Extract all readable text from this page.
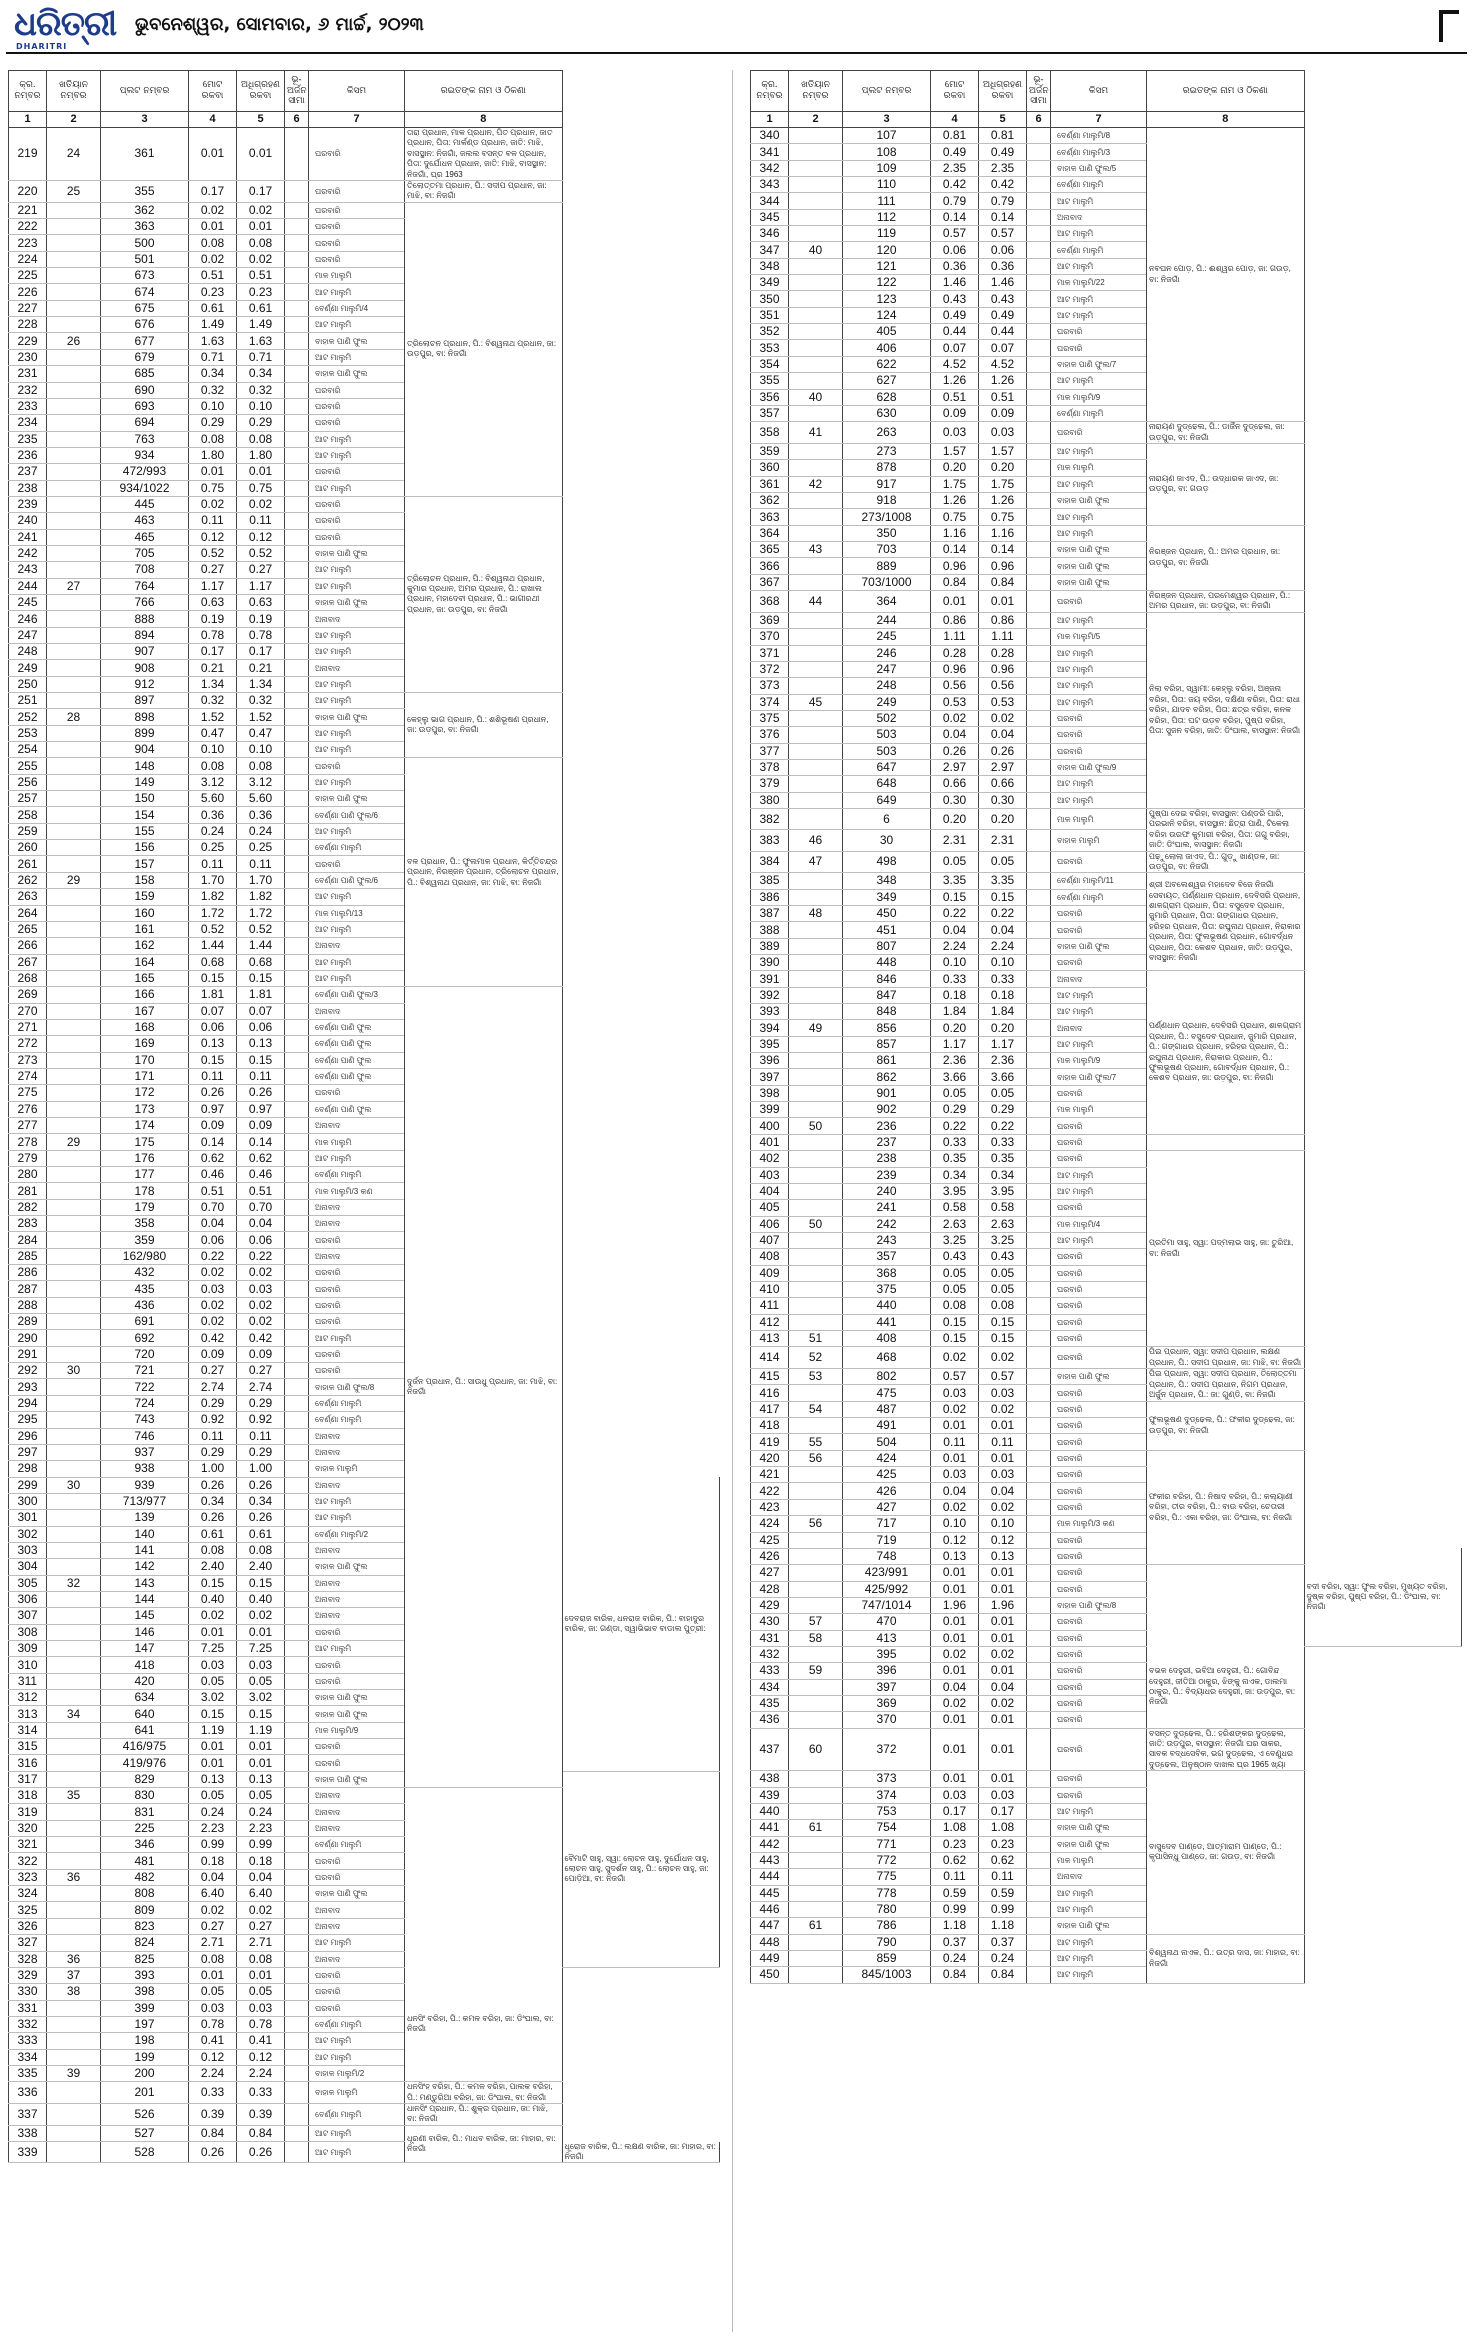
ଧରିତ୍ରୀ
DHARITRI
ଭୁବନେଶ୍ୱର, ସୋମବାର, ୬ ମାର୍ଚ୍ଚ, ୨୦୨୩
କ୍ର. ନମ୍ବର	ଖତିୟାନ ନମ୍ବର	ପ୍ଲଟ ନମ୍ବର	ମୋଟ ରକବା	ଅଧିଗ୍ରହଣ ରକବା	ଭୂ-ଅର୍ଜନ ସୀମା	କିସମ	ରଇତଙ୍କ ନାମ ଓ ଠିକଣା	
1	2	3	4	5	6	7	8	
219	24	361	0.01	0.01		ଘରବାରି	ତାରା ପ୍ରଧାନ, ମାକ ପ୍ରଧାନ, ପିତ ପ୍ରଧାନ, ଜାତ ପ୍ରଧାନ, ପିତା: ମାର୍କଣ୍ଡ ପ୍ରଧାନ, ଜାତି: ମାଝି, ବାସସ୍ଥାନ: ନିଜଗାଁ, ଜଲଲ ବସନ୍ତ ବଳ ପ୍ରଧାନ, ପିତା: ଦୁର୍ଯୋଧନ ପ୍ରଧାନ, ଜାତି: ମାଝି, ବାସସ୍ଥାନ: ନିଜଗାଁ, ଘ୍ର 1963	
220	25	355	0.17	0.17		ଘରବାରି	ତିଲୋତ୍ତମା ପ୍ରଧାନ, ପି.: ସଦୀପ ପ୍ରଧାନ, ଜା: ମାଝି, ବା: ନିଜଗାଁ	
221		362	0.02	0.02		ଘରବାରି	ତ୍ରିଲୋଚନ ପ୍ରଧାନ, ପି.: ବିଶ୍ୱନାଥ ପ୍ରଧାନ, ଜା: ଉଡ଼ପୁର, ବା: ନିଜଗାଁ	
222		363	0.01	0.01		ଘରବାରି		
223		500	0.08	0.08		ଘରବାରି		
224		501	0.02	0.02		ଘରବାରି		
225		673	0.51	0.51		ମାଳ ମାଲୁମି		
226		674	0.23	0.23		ଆଟ ମାଲୁମି		
227		675	0.61	0.61		ବେର୍ଣ୍ଣା ମାଲୁମି/4		
228		676	1.49	1.49		ଆଟ ମାଲୁମି		
229	26	677	1.63	1.63		ବାହାଳ ପାଣି ଫୁଲ		
230		679	0.71	0.71		ଆଟ ମାଲୁମି		
231		685	0.34	0.34		ବାହାଳ ପାଣି ଫୁଲ		
232		690	0.32	0.32		ଘରବାରି		
233		693	0.10	0.10		ଘରବାରି		
234		694	0.29	0.29		ଘରବାରି		
235		763	0.08	0.08		ଆଟ ମାଲୁମି		
236		934	1.80	1.80		ଆଟ ମାଲୁମି		
237		472/993	0.01	0.01		ଘରବାରି		
238		934/1022	0.75	0.75		ଆଟ ମାଲୁମି		
239		445	0.02	0.02		ଘରବାରି	ତ୍ରିଲୋଚନ ପ୍ରଧାନ, ପି.: ବିଶ୍ୱନାଥ ପ୍ରଧାନ, କୁମାର ପ୍ରଧାନ, ଅମର ପ୍ରଧାନ, ପି.: ରାଖାଲ ପ୍ରଧାନ, ମହାଦେବୀ ପ୍ରଧାନ, ପି.: ଭାଗୀରଥୀ ପ୍ରଧାନ, ଜା: ଉଡ଼ପୁର, ବା: ନିଜଗାଁ	
240		463	0.11	0.11		ଘରବାରି		
241		465	0.12	0.12		ଘରବାରି		
242		705	0.52	0.52		ବାହାଳ ପାଣି ଫୁଲ		
243		708	0.27	0.27		ଆଟ ମାଲୁମି		
244	27	764	1.17	1.17		ଆଟ ମାଲୁମି		
245		766	0.63	0.63		ବାହାଳ ପାଣି ଫୁଲ		
246		888	0.19	0.19		ଅନାବାଦ		
247		894	0.78	0.78		ଆଟ ମାଲୁମି		
248		907	0.17	0.17		ଆଟ ମାଲୁମି		
249		908	0.21	0.21		ଅନାବାଦ		
250		912	1.34	1.34		ଆଟ ମାଲୁମି		
251		897	0.32	0.32		ଆଟ ମାଲୁମି	କେହ୍ଲୁ ଭାଗ ପ୍ରଧାନ, ପି.: ଶଶିଭୂଷଣ ପ୍ରଧାନ, ଜା: ଉଡ଼ପୁର, ବା: ନିଜଗାଁ	
252	28	898	1.52	1.52		ବାହାଳ ପାଣି ଫୁଲ		
253		899	0.47	0.47		ଆଟ ମାଲୁମି		
254		904	0.10	0.10		ଆଟ ମାଲୁମି		
255		148	0.08	0.08		ଘରବାରି	ବଳ ପ୍ରଧାନ, ପି.: ଫୁଲମାଳ ପ୍ରଧାନ, କିର୍ତ୍ତିଚନ୍ଦ୍ର ପ୍ରଧାନ, ନିରଞ୍ଜନ ପ୍ରଧାନ, ତ୍ରିଲୋଚନ ପ୍ରଧାନ, ପି.: ବିଶ୍ୱନାଥ ପ୍ରଧାନ, ଜା: ମାଝି, ବା: ନିଜଗାଁ	
256		149	3.12	3.12		ଆଟ ମାଲୁମି		
257		150	5.60	5.60		ବାହାଳ ପାଣି ଫୁଲ		
258		154	0.36	0.36		ବେର୍ଣ୍ଣା ପାଣି ଫୁଲ/6		
259		155	0.24	0.24		ଆଟ ମାଲୁମି		
260		156	0.25	0.25		ବେର୍ଣ୍ଣା ମାଲୁମି		
261		157	0.11	0.11		ଘରବାରି		
262	29	158	1.70	1.70		ବେର୍ଣ୍ଣା ପାଣି ଫୁଲ/6		
263		159	1.82	1.82		ଆଟ ମାଲୁମି		
264		160	1.72	1.72		ମାଳ ମାଲୁମି/13		
265		161	0.52	0.52		ଆଟ ମାଲୁମି		
266		162	1.44	1.44		ଅନାବାଦ		
267		164	0.68	0.68		ଆଟ ମାଲୁମି		
268		165	0.15	0.15		ଆଟ ମାଲୁମି		
269		166	1.81	1.81		ବେର୍ଣ୍ଣା ପାଣି ଫୁଲ/3	ଦୁର୍ଜନ ପ୍ରଧାନ, ପି.: ସାଉଧୁ ପ୍ରଧାନ, ଜା: ମାଝି, ବା: ନିଜଗାଁ	
270		167	0.07	0.07		ଅନାବାଦ		
271		168	0.06	0.06		ବେର୍ଣ୍ଣା ପାଣି ଫୁଲ		
272		169	0.13	0.13		ବେର୍ଣ୍ଣା ପାଣି ଫୁଲ		
273		170	0.15	0.15		ବେର୍ଣ୍ଣା ପାଣି ଫୁଲ		
274		171	0.11	0.11		ବେର୍ଣ୍ଣା ପାଣି ଫୁଲ		
275		172	0.26	0.26		ଘରବାରି		
276		173	0.97	0.97		ବେର୍ଣ୍ଣା ପାଣି ଫୁଲ		
277		174	0.09	0.09		ଅନାବାଦ		
278	29	175	0.14	0.14		ମାଳ ମାଲୁମି		
279		176	0.62	0.62		ଆଟ ମାଲୁମି		
280		177	0.46	0.46		ବେର୍ଣ୍ଣା ମାଲୁମି		
281		178	0.51	0.51		ମାଳ ମାଲୁମି/3 କଣ		
282		179	0.70	0.70		ଅନାବାଦ		
283		358	0.04	0.04		ଅନାବାଦ		
284		359	0.06	0.06		ଘରବାରି		
285		162/980	0.22	0.22		ଅନାବାଦ		
286		432	0.02	0.02		ଘରବାରି		
287		435	0.03	0.03		ଘରବାରି		
288		436	0.02	0.02		ଘରବାରି		
289		691	0.02	0.02		ଘରବାରି		
290		692	0.42	0.42		ଆଟ ମାଲୁମି		
291		720	0.09	0.09		ଘରବାରି		
292	30	721	0.27	0.27		ଘରବାରି		
293		722	2.74	2.74		ବାହାଳ ପାଣି ଫୁଲ/8		
294		724	0.29	0.29		ବେର୍ଣ୍ଣା ମାଲୁମି		
295		743	0.92	0.92		ବେର୍ଣ୍ଣା ମାଲୁମି		
296		746	0.11	0.11		ଅନାବାଦ		
297		937	0.29	0.29		ଅନାବାଦ		
298		938	1.00	1.00		ବାହାଳ ମାଲୁମି		
299	30	939	0.26	0.26		ଅନାବାଦ		ଦେବରାଜ ବାରିକ, ଧନରାଜ ବାରିକ, ପି.: ବାହାଦୁର ବାରିକ, ଜା: ଗଣ୍ଡା, ସ୍ୱାଭିଭାବ ବାଡାଲ ପୁତ୍ରୀ:
300		713/977	0.34	0.34		ଆଟ ମାଲୁମି		
301		139	0.26	0.26		ଆଟ ମାଲୁମି		
302		140	0.61	0.61		ବେର୍ଣ୍ଣା ମାଲୁମି/2		
303		141	0.08	0.08		ଅନାବାଦ		
304		142	2.40	2.40		ବାହାଳ ପାଣି ଫୁଲ		
305	32	143	0.15	0.15		ଅନାବାଦ		
306		144	0.40	0.40		ଅନାବାଦ		
307		145	0.02	0.02		ଅନାବାଦ		
308		146	0.01	0.01		ଘରବାରି		
309		147	7.25	7.25		ଆଟ ମାଲୁମି		
310		418	0.03	0.03		ଘରବାରି		
311		420	0.05	0.05		ଘରବାରି		
312		634	3.02	3.02		ବାହାଳ ପାଣି ଫୁଲ		
313	34	640	0.15	0.15		ବାହାଳ ପାଣି ଫୁଲ		
314		641	1.19	1.19		ମାଳ ମାଲୁମି/9		
315		416/975	0.01	0.01		ଘରବାରି		
316		419/976	0.01	0.01		ଘରବାରି		
317		829	0.13	0.13		ବାହାଳ ପାଣି ଫୁଲ		ବୈମାଟି ସାହୁ, ସ୍ୱା: ଲୋଚନ ସାହୁ, ଦୁର୍ଯୋଧନ ସାହୁ, ଲୋଚନ ସାହୁ, ସୁଦର୍ଶନ ସାହୁ, ପି.: ଲୋଚନ ସାହୁ, ଜା: ପୋଡ଼ିଆ, ବା: ନିଜଗାଁ
318	35	830	0.05	0.05		ଅନାବାଦ		
319		831	0.24	0.24		ଅନାବାଦ		
320		225	2.23	2.23		ଅନାବାଦ		
321		346	0.99	0.99		ବେର୍ଣ୍ଣା ମାଲୁମି		
322		481	0.18	0.18		ଘରବାରି		
323	36	482	0.04	0.04		ଘରବାରି		
324		808	6.40	6.40		ବାହାଳ ପାଣି ଫୁଲ		
325		809	0.02	0.02		ଅନାବାଦ		
326		823	0.27	0.27		ଅନାବାଦ		
327		824	2.71	2.71		ଆଟ ମାଲୁମି		
328	36	825	0.08	0.08		ଅନାବାଦ		
329	37	393	0.01	0.01		ଘରବାରି	ଧନସିଂ ବରିହା, ପି.: କମଳ ବରିହା, ଜା: ଡିଂଘାଲ, ବା: ନିଜଗାଁ	
330	38	398	0.05	0.05		ଘରବାରି		
331		399	0.03	0.03		ଘରବାରି		
332		197	0.78	0.78		ବେର୍ଣ୍ଣା ମାଲୁମି		
333		198	0.41	0.41		ଆଟ ମାଲୁମି		
334		199	0.12	0.12		ଆଟ ମାଲୁମି		
335	39	200	2.24	2.24		ବାହାଳ ମାଲୁମି/2		
336		201	0.33	0.33		ବାହାଳ ମାଲୁମି	ଧନସିଂହ ବରିହା, ପି.: କମଳ ବରିହା, ପାଲକ ବରିହା, ପି.: ମଣ୍ଡୁରିଆ ବରିହା, ଜା: ଡିଂଘାଲ, ବା: ନିଜଗାଁ	
337		526	0.39	0.39		ବେର୍ଣ୍ଣା ମାଲୁମି	ଧାନସିଂ ପ୍ରଧାନ, ପି.: ଶୁକ୍ର ପ୍ରଧାନ, ଜା: ମାଝି, ବା: ନିଜଗାଁ	
338		527	0.84	0.84		ଆଟ ମାଲୁମି	ଧୂରଣୀ ବାରିକ, ପି.: ମାଧବ ବାରିକ, ଜା: ମାହାର, ବା: ନିଜଗାଁ	
339		528	0.26	0.26		ଆଟ ମାଲୁମି		ଧୂରୋଜ ବାରିକ, ପି.: ଲକ୍ଷଣ ବାରିକ, ଜା: ମାହାର, ବା: ନିଜଗାଁ
କ୍ର. ନମ୍ବର	ଖତିୟାନ ନମ୍ବର	ପ୍ଲଟ ନମ୍ବର	ମୋଟ ରକବା	ଅଧିଗ୍ରହଣ ରକବା	ଭୂ-ଅର୍ଜନ ସୀମା	କିସମ	ରଇତଙ୍କ ନାମ ଓ ଠିକଣା	
1	2	3	4	5	6	7	8	
340		107	0.81	0.81		ବେର୍ଣ୍ଣା ମାଲୁମି/8	ନବଘନ ପୋଡ଼, ପି.: ଈଶ୍ୱର ପୋଡ଼, ଜା: ଗଉଡ଼, ବା: ନିଜଗାଁ	
341		108	0.49	0.49		ବେର୍ଣ୍ଣା ମାଲୁମି/3		
342		109	2.35	2.35		ବାହାଳ ପାଣି ଫୁଲ/5		
343		110	0.42	0.42		ବେର୍ଣ୍ଣା ମାଲୁମି		
344		111	0.79	0.79		ଆଟ ମାଲୁମି		
345		112	0.14	0.14		ଅନାବାଦ		
346		119	0.57	0.57		ଆଟ ମାଲୁମି		
347	40	120	0.06	0.06		ବେର୍ଣ୍ଣା ମାଲୁମି		
348		121	0.36	0.36		ଆଟ ମାଲୁମି		
349		122	1.46	1.46		ମାଳ ମାଲୁମି/22		
350		123	0.43	0.43		ଆଟ ମାଲୁମି		
351		124	0.49	0.49		ଆଟ ମାଲୁମି		
352		405	0.44	0.44		ଘରବାରି		
353		406	0.07	0.07		ଘରବାରି		
354		622	4.52	4.52		ବାହାଳ ପାଣି ଫୁଲ/7		
355		627	1.26	1.26		ଆଟ ମାଲୁମି		
356	40	628	0.51	0.51		ମାଳ ମାଲୁମି/9		
357		630	0.09	0.09		ବେର୍ଣ୍ଣା ମାଲୁମି		
358	41	263	0.03	0.03		ଘରବାରି	ନାରାୟଣ ଦୁଡ୍ଢେଲ, ପି.: ଡାର୍ଜିନ ଦୁଡ୍ଢେଲ, ଜା: ଉଡ଼ପୁର, ବା: ନିଜଗାଁ	
359		273	1.57	1.57		ଆଟ ମାଲୁମି	ନାରାୟଣ ଜାଏଦ, ପି.: ଉଦ୍ଧାରକ ଜାଏଦ, ଜା: ଉଡ଼ପୁର, ବା: ଗଉଡ଼	
360		878	0.20	0.20		ମାଳ ମାଲୁମି		
361	42	917	1.75	1.75		ଆଟ ମାଲୁମି		
362		918	1.26	1.26		ବାହାଳ ପାଣି ଫୁଲ		
363		273/1008	0.75	0.75		ଆଟ ମାଲୁମି		
364		350	1.16	1.16		ଆଟ ମାଲୁମି	ନିରଞ୍ଜନ ପ୍ରଧାନ, ପି.: ଅମର ପ୍ରଧାନ, ଜା: ଉଡ଼ପୁର, ବା: ନିଜଗାଁ	
365	43	703	0.14	0.14		ବାହାଳ ପାଣି ଫୁଲ		
366		889	0.96	0.96		ବାହାଳ ପାଣି ଫୁଲ		
367		703/1000	0.84	0.84		ବାହାଳ ପାଣି ଫୁଲ		
368	44	364	0.01	0.01		ଘରବାରି	ନିରଞ୍ଜନ ପ୍ରଧାନ, ପରମେଶ୍ୱର ପ୍ରଧାନ, ପି.: ଅମର ପ୍ରଧାନ, ଜା: ଉଡ଼ପୁର, ବା: ନିଜଗାଁ	
369		244	0.86	0.86		ଆଟ ମାଲୁମି	ନିଲା ବରିହା, ସ୍ୱାମୀ: କେହ୍ଲୁ ବରିହା, ଅଞ୍ଜନା ବରିହା, ପିତା: ଜୟ ବରିହା, ଦକ୍ଷିଣା ବରିହା, ପିତା: ରାଧା ବରିହା, ଯାଦବ ବରିହା, ପିତା: ଛତ୍ର ବରିହା, କନକ ବରିହା, ପିତା: ଘଟ ଉଡ଼ବ ବରିହା, ପୁଷ୍ପ ବରିହା, ପିତା: ସୁଜନ ବରିହା, ଜାତି: ଡିଂଘାଲ, ବାସସ୍ଥାନ: ନିଜଗାଁ	
370		245	1.11	1.11		ମାଳ ମାଲୁମି/5		
371		246	0.28	0.28		ଆଟ ମାଲୁମି		
372		247	0.96	0.96		ଆଟ ମାଲୁମି		
373		248	0.56	0.56		ଆଟ ମାଲୁମି		
374	45	249	0.53	0.53		ଆଟ ମାଲୁମି		
375		502	0.02	0.02		ଘରବାରି		
376		503	0.04	0.04		ଘରବାରି		
377		503	0.26	0.26		ଘରବାରି		
378		647	2.97	2.97		ବାହାଳ ପାଣି ଫୁଲ/9		
379		648	0.66	0.66		ଆଟ ମାଲୁମି		
380		649	0.30	0.30		ଆଟ ମାଲୁମି		
382		6	0.20	0.20		ମାଳ ମାଲୁମି	ପୁଷ୍ପା ଦେଇ ବରିହା, ବାସସ୍ଥାନ: ପଣ୍ଡରି ପାରି, ପରଭାନି ବରିହା, ବାସସ୍ଥାନ: ଛିତ୍ରା ପାଣି, ଟିକେଲା ବରିହା ଉରଫ କୁମାରୀ ବରିହା, ପିତା: ଗଗୁ ବରିହା, ଜାତି: ଡିଂଘାଲ, ବାସସ୍ଥାନ: ନିଜଗାଁ	
383	46	30	2.31	2.31		ବାହାଳ ମାଲୁମି		
384	47	498	0.05	0.05		ଘରବାରି	ପଢ଼ୁଲୋଲା ଜାଏଦ, ପି.: ଗୁଡ଼ୁ ଖାଣ୍ଡଳ, ଜା: ଉଡ଼ପୁର, ବା: ନିଜଗାଁ	
385		348	3.35	3.35		ବେର୍ଣ୍ଣା ମାଲୁମି/11	ଶ୍ରୀ ଅବଲେଶ୍ୱର ମହାଦେବ ବିଜେ ନିଜଗାଁ ସେବାୟତ, ପର୍ଣ୍ଣଧାନ ପ୍ରଧାନ, ଦେବିସରି ପ୍ରଧାନ, ଶାଳଗ୍ରାମ ପ୍ରଧାନ, ପିତା: ବସୁଦେବ ପ୍ରଧାନ, ଜୁମାରି ପ୍ରଧାନ, ପିତା: ଗଙ୍ଗାଧର ପ୍ରଧାନ, ହରିହର ପ୍ରଧାନ, ପିତା: ରଘୁନାଥ ପ୍ରଧାନ, ନିରାକାର ପ୍ରଧାନ, ପିତା: ଫୁଲଭୂଷଣ ପ୍ରଧାନ, ଗୋବର୍ଦ୍ଧନ ପ୍ରଧାନ, ପିତା: କେଶବ ପ୍ରଧାନ, ଜାତି: ଉଡ଼ପୁର, ବାସସ୍ଥାନ: ନିଜଗାଁ	
386		349	0.15	0.15		ବେର୍ଣ୍ଣା ମାଲୁମି		
387	48	450	0.22	0.22		ଘରବାରି		
388		451	0.04	0.04		ଘରବାରି		
389		807	2.24	2.24		ବାହାଳ ପାଣି ଫୁଲ		
390		448	0.10	0.10		ଘରବାରି		
391		846	0.33	0.33		ଅନାବାଦ	ପର୍ଣ୍ଣଧାନ ପ୍ରଧାନ, ଦେବିସରି ପ୍ରଧାନ, ଶାଳଗ୍ରାମ ପ୍ରଧାନ, ପି.: ବସୁଦେବ ପ୍ରଧାନ, ଜୁମାରି ପ୍ରଧାନ, ପି.: ଗଙ୍ଗାଧର ପ୍ରଧାନ, ହରିହର ପ୍ରଧାନ, ପି.: ରଘୁନାଥ ପ୍ରଧାନ, ନିରାକାର ପ୍ରଧାନ, ପି.: ଫୁଲଭୂଷଣ ପ୍ରଧାନ, ଗୋବର୍ଦ୍ଧନ ପ୍ରଧାନ, ପି.: କେଶବ ପ୍ରଧାନ, ଜା: ଉଡ଼ପୁର, ବା: ନିଜଗାଁ	
392		847	0.18	0.18		ଆଟ ମାଲୁମି		
393		848	1.84	1.84		ଆଟ ମାଲୁମି		
394	49	856	0.20	0.20		ଅନାବାଦ		
395		857	1.17	1.17		ଆଟ ମାଲୁମି		
396		861	2.36	2.36		ମାଳ ମାଲୁମି/9		
397		862	3.66	3.66		ବାହାଳ ପାଣି ଫୁଲ/7		
398		901	0.05	0.05		ଘରବାରି		
399		902	0.29	0.29		ମାଳ ମାଲୁମି		
400	50	236	0.22	0.22		ଘରବାରି		
401		237	0.33	0.33		ଘରବାରି		
402		238	0.35	0.35		ଘରବାରି	ପ୍ରତିମା ସାହୁ, ସ୍ୱା: ପଦ୍ମଲାଭ ସାହୁ, ଜା: ତୁରିଆ, ବା: ନିଜଗାଁ	
403		239	0.34	0.34		ଆଟ ମାଲୁମି		
404		240	3.95	3.95		ଆଟ ମାଲୁମି		
405		241	0.58	0.58		ଘରବାରି		
406	50	242	2.63	2.63		ମାଳ ମାଲୁମି/4		
407		243	3.25	3.25		ଆଟ ମାଲୁମି		
408		357	0.43	0.43		ଘରବାରି		
409		368	0.05	0.05		ଘରବାରି		
410		375	0.05	0.05		ଘରବାରି		
411		440	0.08	0.08		ଘରବାରି		
412		441	0.15	0.15		ଘରବାରି		
413	51	408	0.15	0.15		ଘରବାରି		
414	52	468	0.02	0.02		ଘରବାରି	ପିଇ ପ୍ରଧାନ, ସ୍ୱା: ସଦୀପ ପ୍ରଧାନ, ଲକ୍ଷଣ ପ୍ରଧାନ, ପି.: ସଦୀପ ପ୍ରଧାନ, ଜା: ମାଝି, ବା: ନିଜଗାଁ	
415	53	802	0.57	0.57		ବାହାଳ ପାଣି ଫୁଲ	ପିଇ ପ୍ରଧାନ, ସ୍ୱା: ସଦୀପ ପ୍ରଧାନ, ତିଲୋତ୍ତମା ପ୍ରଧାନ, ପି.: ସଦୀପ ପ୍ରଧାନ, ନିଗମ ପ୍ରଧାନ, ଅର୍ଜୁନ ପ୍ରଧାନ, ପି.: ଜା: ଗୁଣ୍ଡି, ବା: ନିଜଗାଁ	
416		475	0.03	0.03		ଘରବାରି		
417	54	487	0.02	0.02		ଘରବାରି	ଫୁଲଭୂଷଣ ଦୁଡ୍ଢେଲ, ପି.: ଫକୀର ଦୁଡ୍ଢେଲ, ଜା: ଉଡ଼ପୁର, ବା: ନିଜଗାଁ	
418		491	0.01	0.01		ଘରବାରି		
419	55	504	0.11	0.11		ଘରବାରି		
420	56	424	0.01	0.01		ଘରବାରି	ଫକୀର ବରିହା, ପି.: ନିଷାଦ ବରିହା, ପି.: କଲ୍ୟାଣୀ ବରିହା, ତୀର ବରିହା, ପି.: ବାଉ ବରିହା, ଚେତାରୀ ବରିହା, ପି.: ଏକା ବରିହା, ଜା: ଡିଂଘାଲ, ବା: ନିଜଗାଁ	
421		425	0.03	0.03		ଘରବାରି		
422		426	0.04	0.04		ଘରବାରି		
423		427	0.02	0.02		ଘରବାରି		
424	56	717	0.10	0.10		ମାଳ ମାଲୁମି/3 କଣ		
425		719	0.12	0.12		ଘରବାରି		
426		748	0.13	0.13		ଘରବାରି		ବଦୀ ବରିହା, ସ୍ୱା: ଫୁଲ ବରିହା, ମୁଖ୍ୟତ ବରିହା, ଦୁଷ୍କ ବରିହା, ପୁଷ୍ପ ବରିହା, ପି.: ଡିଂଘାଲ, ବା: ନିଜଗାଁ
427		423/991	0.01	0.01		ଘରବାରି		
428		425/992	0.01	0.01		ଘରବାରି		
429		747/1014	1.96	1.96		ବାହାଳ ପାଣି ଫୁଲ/8		
430	57	470	0.01	0.01		ଘରବାରି		
431	58	413	0.01	0.01		ଘରବାରି		
432		395	0.02	0.02		ଘରବାରି	ବଭଳ ଦେହୁରୀ, ଭବିଆ ଦେହୁରୀ, ପି.: ଗୋବିନ୍ଦ ଦେହୁରୀ, ଜୀତିଆ ଠାକୁର, ଝିଙ୍କୁ ନାଏକ, ଡାଲମା ଠାକୁର, ପି.: ବିଦ୍ୟାଧର ଦେହୁରୀ, ଜା: ଉଡ଼ପୁର, ବା: ନିଜଗାଁ	
433	59	396	0.01	0.01		ଘରବାରି		
434		397	0.04	0.04		ଘରବାରି		
435		369	0.02	0.02		ଘରବାରି		
436		370	0.01	0.01		ଘରବାରି		
437	60	372	0.01	0.01		ଘରବାରି	ବସନ୍ତ ଦୁଡ୍ଢେଲ, ପି.: ହରିଶଙ୍କର ଦୁଡ୍ଢେଲ, ଜାତି: ଉଡ଼ପୁର, ବାସସ୍ଥାନ: ନିଜଗାଁ ଘର ସାକର, ସାବକ ବଦ୍ଧସେବିକ, ଭଗ ଦୁଡ୍ଢେଲ, ଏ ବେଣୁଧର ଦୁଡ୍ଢେଲ, ଅନୁଷ୍ଠାନ ଦାଖଲ ଘ୍ର 1965 ଖ୍ୟା	
438		373	0.01	0.01		ଘରବାରି	ବାସୁଦେବ ପାଣ୍ଡେ, ଆତ୍ମାରାମ ପାଣ୍ଡେ, ପି.: କୃପାସିନ୍ଧୁ ପାଣ୍ଡେ, ଜା: ଗଉଡ଼, ବା: ନିଜଗାଁ	
439		374	0.03	0.03		ଘରବାରି		
440		753	0.17	0.17		ଆଟ ମାଲୁମି		
441	61	754	1.08	1.08		ବାହାଳ ପାଣି ଫୁଲ		
442		771	0.23	0.23		ବାହାଳ ପାଣି ଫୁଲ		
443		772	0.62	0.62		ମାଳ ମାଲୁମି		
444		775	0.11	0.11		ଅନାବାଦ		
445		778	0.59	0.59		ଆଟ ମାଲୁମି		
446		780	0.99	0.99		ଆଟ ମାଲୁମି		
447	61	786	1.18	1.18		ବାହାଳ ପାଣି ଫୁଲ		
448		790	0.37	0.37		ଆଟ ମାଲୁମି	ବିଶ୍ୱନାଥ ନାଏକ, ପି.: ଉତ୍ର ଦାସ, ଜା: ମାହାର, ବା: ନିଜଗାଁ	
449		859	0.24	0.24		ଆଟ ମାଲୁମି		
450		845/1003	0.84	0.84		ଆଟ ମାଲୁମି		
